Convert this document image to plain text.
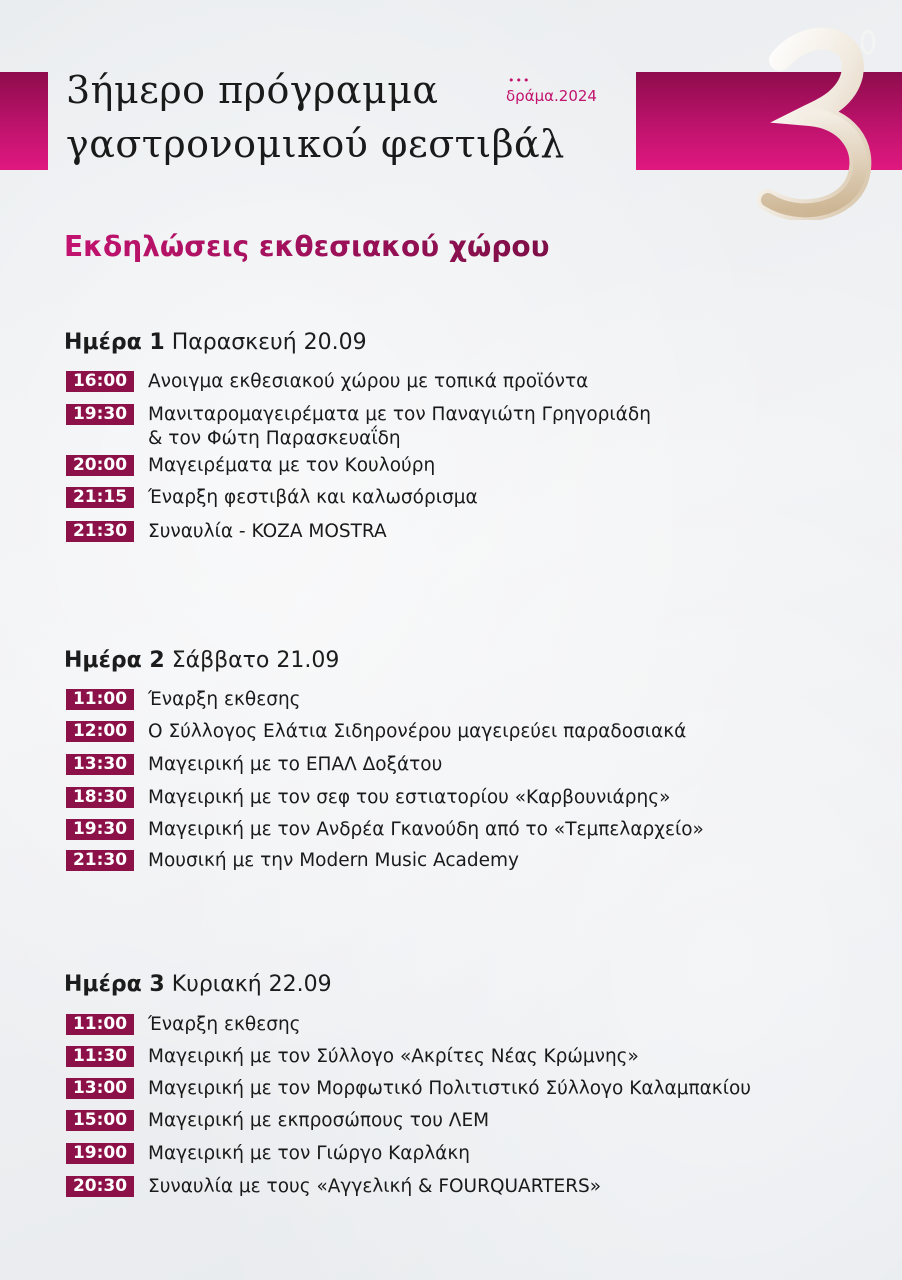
3ήμερο πρόγραμμα
γαστρονομικού φεστιβάλ
•••
δράμα.2024
Εκδηλώσεις εκθεσιακού χώρου
Ημέρα 1 Παρασκευή 20.09
16:00	Ανοιγμα εκθεσιακού χώρου με τοπικά προϊόντα
19:30	Μανιταρομαγειρέματα με τον Παναγιώτη Γρηγοριάδη
& τον Φώτη Παρασκευαΐδη
20:00	Μαγειρέματα με τον Κουλούρη
21:15	Έναρξη φεστιβάλ και καλωσόρισμα
21:30	Συναυλία - KOZA MOSTRA
Ημέρα 2 Σάββατο 21.09
11:00	Έναρξη εκθεσης
12:00	Ο Σύλλογος Ελάτια Σιδηρονέρου μαγειρεύει παραδοσιακά
13:30	Μαγειρική με το ΕΠΑΛ Δοξάτου
18:30	Μαγειρική με τον σεφ του εστιατορίου «Καρβουνιάρης»
19:30	Μαγειρική με τον Ανδρέα Γκανούδη από το «Τεμπελαρχείο»
21:30	Μουσική με την Modern Music Academy
Ημέρα 3 Κυριακή 22.09
11:00	Έναρξη εκθεσης
11:30	Μαγειρική με τον Σύλλογο «Ακρίτες Νέας Κρώμνης»
13:00	Μαγειρική με τον Μορφωτικό Πολιτιστικό Σύλλογο Καλαμπακίου
15:00	Μαγειρική με εκπροσώπους του ΛΕΜ
19:00	Μαγειρική με τον Γιώργο Καρλάκη
20:30	Συναυλία με τους «Αγγελική & FOURQUARTERS»
